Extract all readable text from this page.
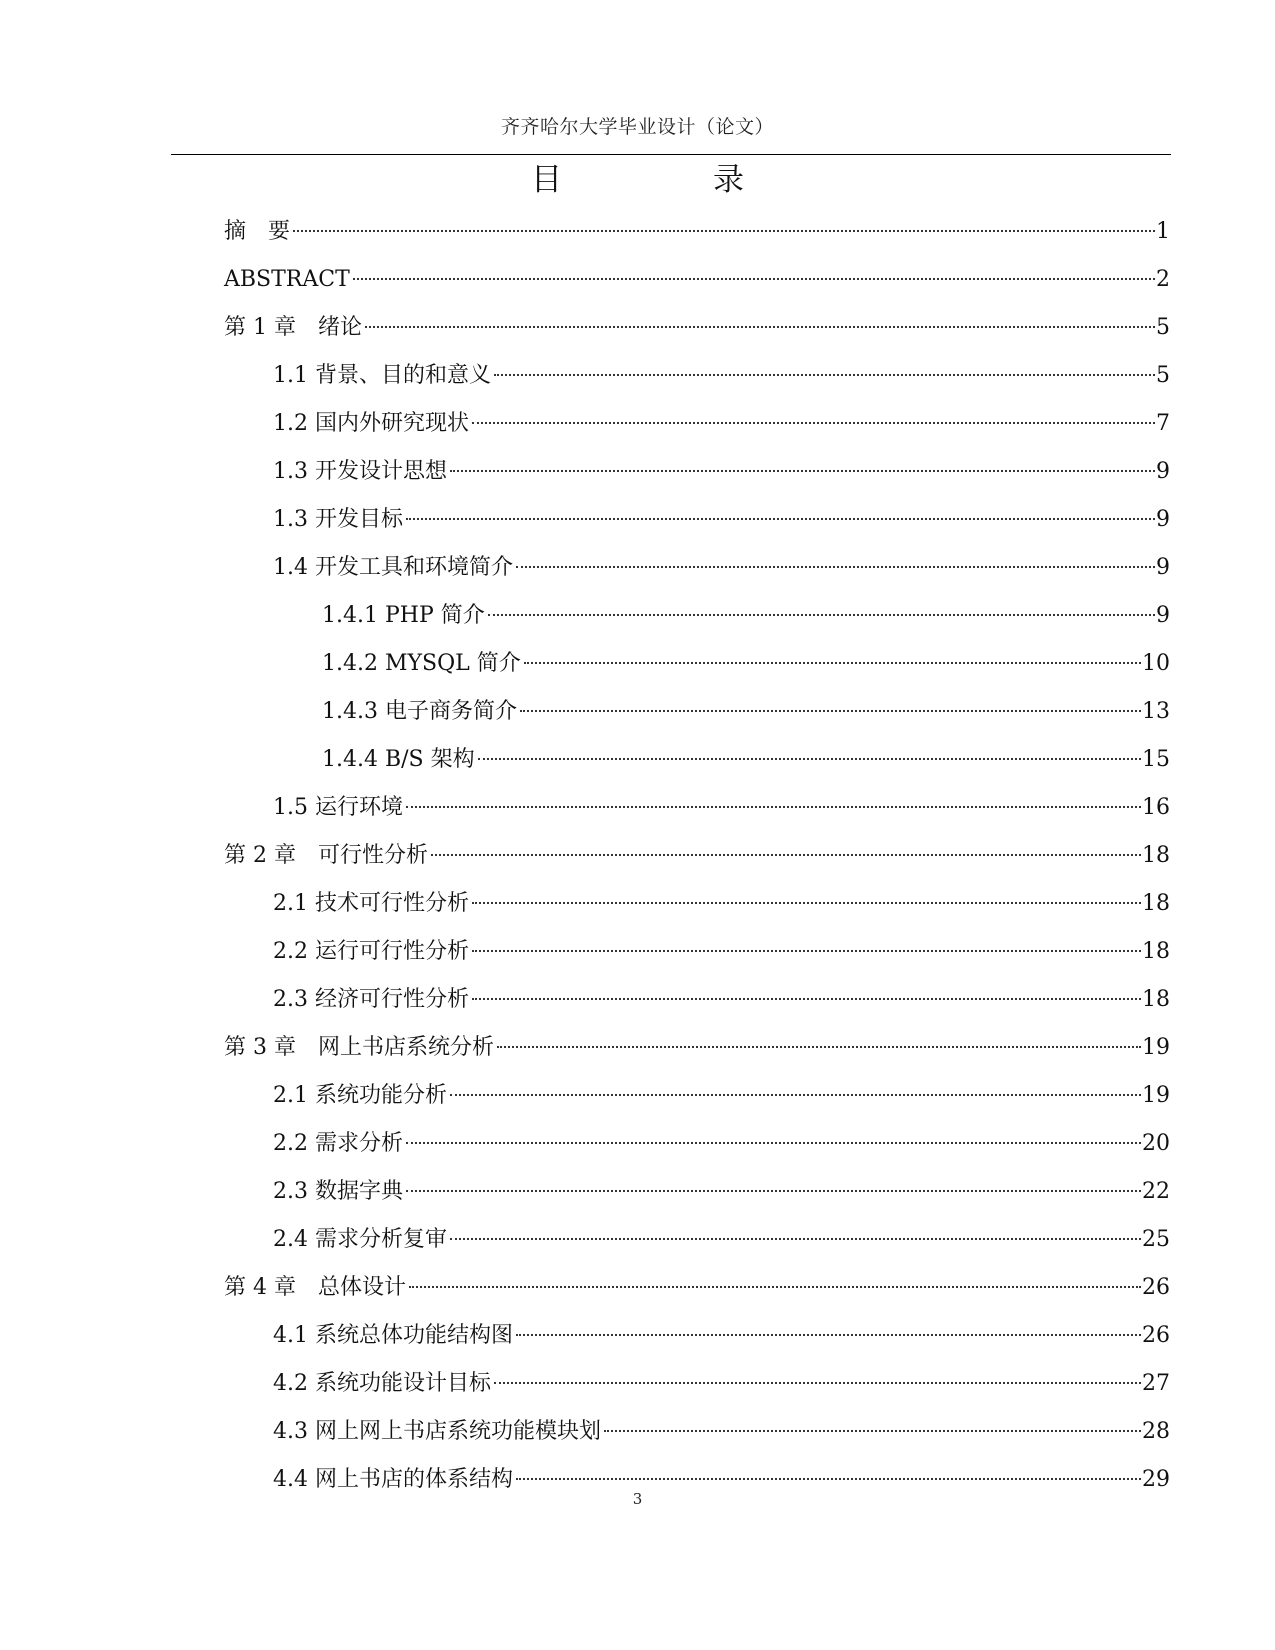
齐齐哈尔大学毕业设计（论文）
目　录
摘　要	1
ABSTRACT	2
第 1 章　绪论	5
1.1 背景、目的和意义	5
1.2 国内外研究现状	7
1.3 开发设计思想	9
1.3 开发目标	9
1.4 开发工具和环境简介	9
1.4.1 PHP 简介	9
1.4.2 MYSQL 简介	10
1.4.3 电子商务简介	13
1.4.4 B/S 架构	15
1.5 运行环境	16
第 2 章　可行性分析	18
2.1 技术可行性分析	18
2.2 运行可行性分析	18
2.3 经济可行性分析	18
第 3 章　网上书店系统分析	19
2.1 系统功能分析	19
2.2 需求分析	20
2.3 数据字典	22
2.4 需求分析复审	25
第 4 章　总体设计	26
4.1 系统总体功能结构图	26
4.2 系统功能设计目标	27
4.3 网上网上书店系统功能模块划	28
4.4 网上书店的体系结构	29
3
